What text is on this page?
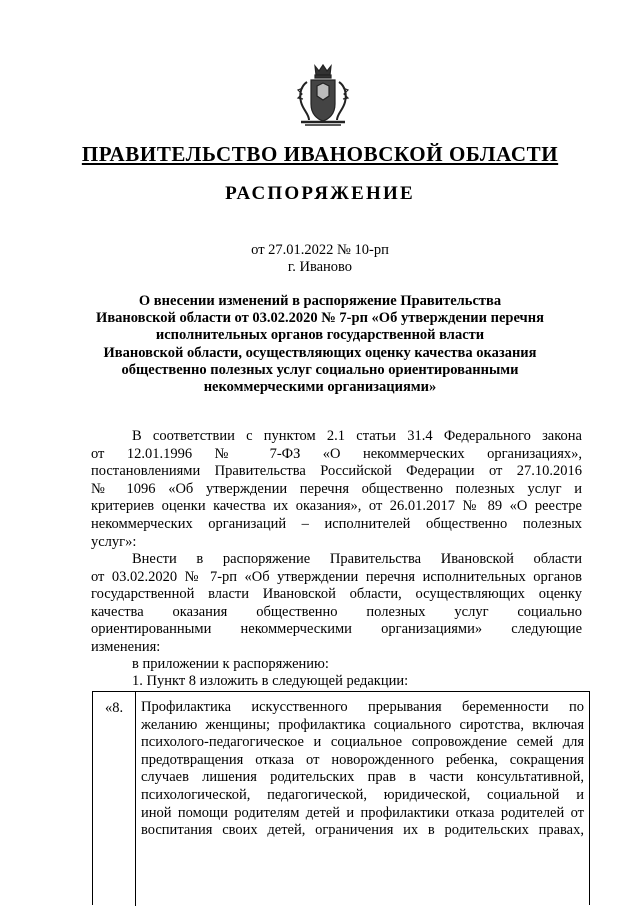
ПРАВИТЕЛЬСТВО ИВАНОВСКОЙ ОБЛАСТИ
РАСПОРЯЖЕНИЕ
от 27.01.2022 № 10-рп
г. Иваново
О внесении изменений в распоряжение Правительства
Ивановской области от 03.02.2020 № 7-рп «Об утверждении перечня
исполнительных органов государственной власти
Ивановской области, осуществляющих оценку качества оказания
общественно полезных услуг социально ориентированными
некоммерческими организациями»
В соответствии с пунктом 2.1 статьи 31.4 Федерального закона
от 12.01.1996 № 7-ФЗ «О некоммерческих организациях»,
постановлениями Правительства Российской Федерации от 27.10.2016
№ 1096 «Об утверждении перечня общественно полезных услуг и
критериев оценки качества их оказания», от 26.01.2017 № 89 «О реестре
некоммерческих организаций – исполнителей общественно полезных
услуг»:
Внести в распоряжение Правительства Ивановской области
от 03.02.2020 № 7-рп «Об утверждении перечня исполнительных органов
государственной власти Ивановской области, осуществляющих оценку
качества оказания общественно полезных услуг социально
ориентированными некоммерческими организациями» следующие
изменения:
в приложении к распоряжению:
1. Пункт 8 изложить в следующей редакции:
«8.	Профилактика искусственного прерывания беременности по
желанию женщины; профилактика социального сиротства, включая
психолого-педагогическое и социальное сопровождение семей для
предотвращения отказа от новорожденного ребенка, сокращения
случаев лишения родительских прав в части консультативной,
психологической, педагогической, юридической, социальной и
иной помощи родителям детей и профилактики отказа родителей от
воспитания своих детей, ограничения их в родительских правах,
